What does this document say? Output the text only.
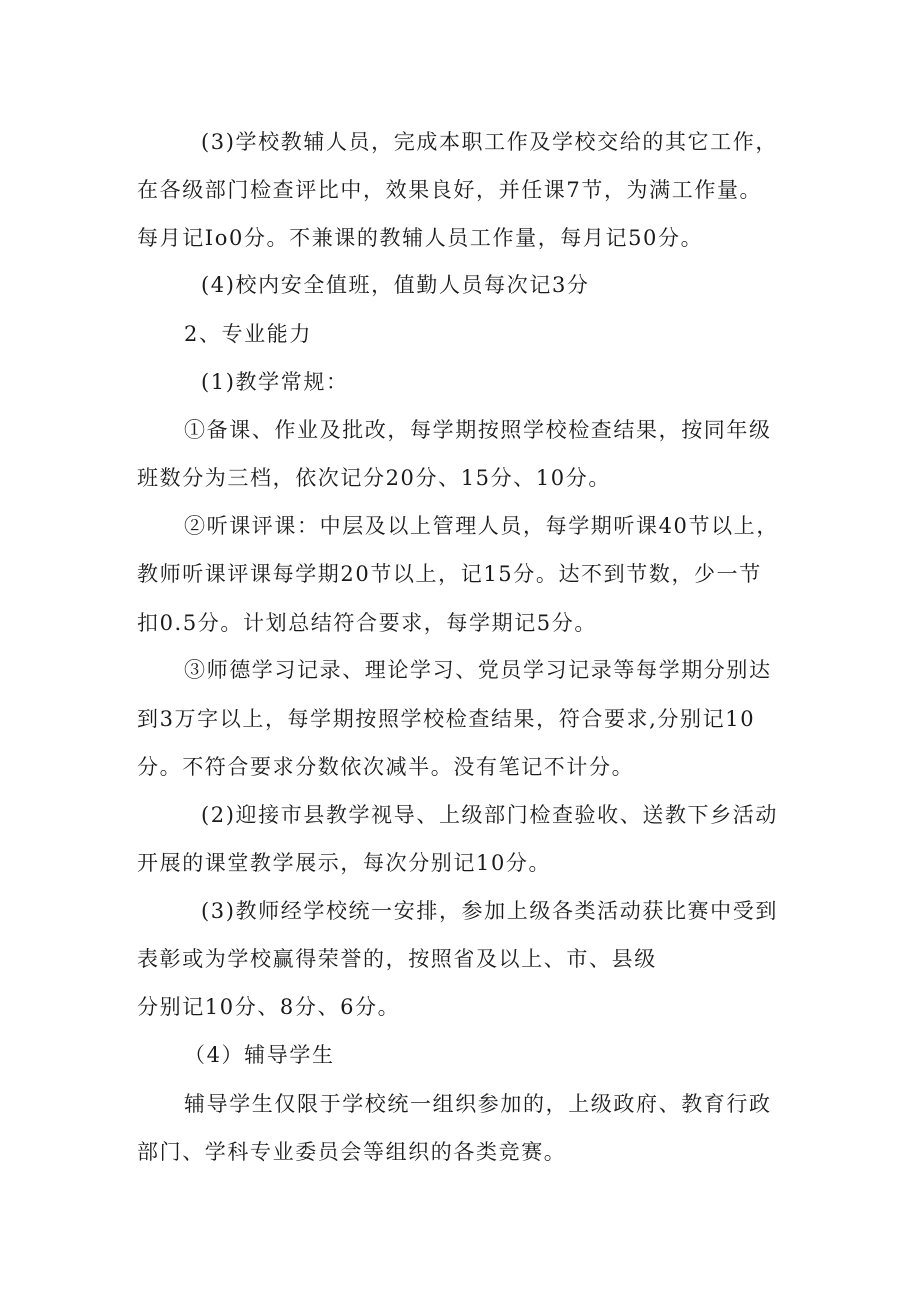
(3)学校教辅人员，完成本职工作及学校交给的其它工作，
在各级部门检查评比中，效果良好，并任课7节，为满工作量。
每月记Io0分。不兼课的教辅人员工作量，每月记50分。
(4)校内安全值班，值勤人员每次记3分
2、专业能力
(1)教学常规：
①备课、作业及批改，每学期按照学校检查结果，按同年级
班数分为三档，依次记分20分、15分、10分。
②听课评课：中层及以上管理人员，每学期听课40节以上，
教师听课评课每学期20节以上，记15分。达不到节数，少一节
扣0.5分。计划总结符合要求，每学期记5分。
③师德学习记录、理论学习、党员学习记录等每学期分别达
到3万字以上，每学期按照学校检查结果，符合要求,分别记10
分。不符合要求分数依次减半。没有笔记不计分。
(2)迎接市县教学视导、上级部门检查验收、送教下乡活动
开展的课堂教学展示，每次分别记10分。
(3)教师经学校统一安排，参加上级各类活动获比赛中受到
表彰或为学校赢得荣誉的，按照省及以上、市、县级
分别记10分、8分、6分。
（4）辅导学生
辅导学生仅限于学校统一组织参加的，上级政府、教育行政
部门、学科专业委员会等组织的各类竞赛。
